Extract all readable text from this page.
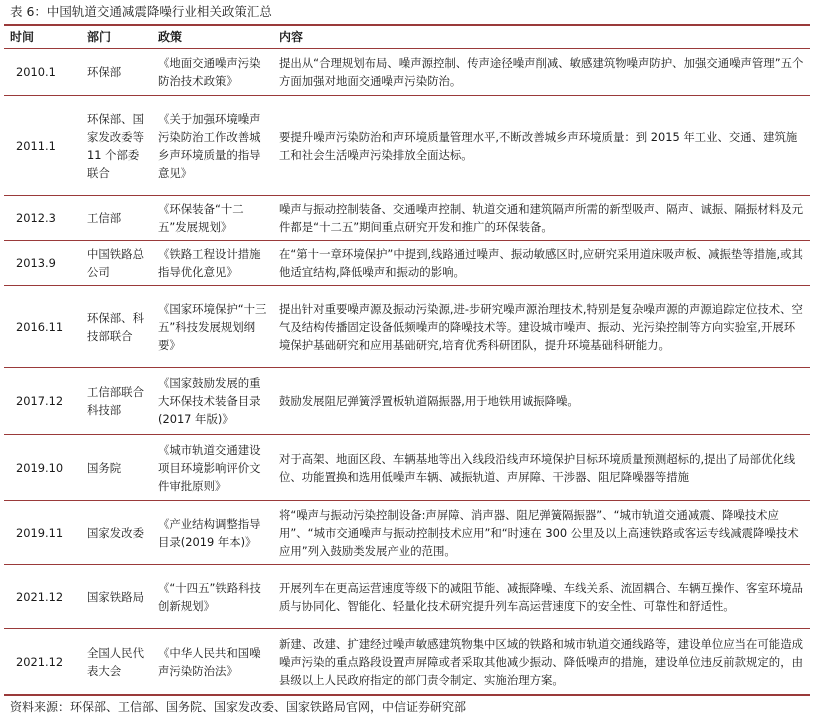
表 6：中国轨道交通减震降噪行业相关政策汇总
时间	部门	政策	内容
2010.1	环保部	《地面交通噪声污染防治技术政策》	提出从“合理规划布局、噪声源控制、传声途径噪声削减、敏感建筑物噪声防护、加强交通噪声管理”五个方面加强对地面交通噪声污染防治。
2011.1	环保部、国家发改委等 11 个部委联合	《关于加强环境噪声污染防治工作改善城乡声环境质量的指导意见》	要提升噪声污染防治和声环境质量管理水平,不断改善城乡声环境质量：到 2015 年工业、交通、建筑施工和社会生活噪声污染排放全面达标。
2012.3	工信部	《环保装备“十二五”发展规划》	噪声与振动控制装备、交通噪声控制、轨道交通和建筑隔声所需的新型吸声、隔声、诚振、隔振材料及元件都是“十二五”期间重点研究开发和推广的环保装备。
2013.9	中国铁路总公司	《铁路工程设计措施指导优化意见》	在“第十一章环境保护”中提到,线路通过噪声、振动敏感区时,应研究采用道床吸声板、减振垫等措施,或其他适宜结构,降低噪声和振动的影响。
2016.11	环保部、科技部联合	《国家环境保护“十三五”科技发展规划纲要》	提出针对重要噪声源及振动污染源,进-步研究噪声源治理技术,特别是复杂噪声源的声源追踪定位技术、空气及结构传播固定设备低频噪声的降噪技术等。建设城市噪声、振动、光污染控制等方向实验室,开展环境保护基础研究和应用基础研究,培育优秀科研团队，提升环境基础科研能力。
2017.12	工信部联合科技部	《国家鼓励发展的重大环保技术装备目录(2017 年版)》	鼓励发展阻尼弹簧浮置板轨道隔振器,用于地铁用诚振降噪。
2019.10	国务院	《城市轨道交通建设项目环境影响评价文件审批原则》	对于高架、地面区段、车辆基地等出入线段沿线声环境保护目标环境质量预测超标的,提出了局部优化线位、功能置换和选用低噪声车辆、减振轨道、声屏障、干涉器、阻尼降噪器等措施
2019.11	国家发改委	《产业结构调整指导目录(2019 年本)》	将“噪声与振动污染控制设备:声屏障、消声器、阻尼弹簧隔振器”、“城市轨道交通减震、降噪技术应用”、“城市交通噪声与振动控制技术应用”和“时速在 300 公里及以上高速铁路或客运专线减震降噪技术应用”列入鼓励类发展产业的范围。
2021.12	国家铁路局	《“十四五”铁路科技创新规划》	开展列车在更高运营速度等级下的减阻节能、减振降噪、车线关系、流固耦合、车辆互操作、客室环境品质与协同化、智能化、轻量化技术研究提升列车高运营速度下的安全性、可靠性和舒适性。
2021.12	全国人民代表大会	《中华人民共和国噪声污染防治法》	新建、改建、扩建经过噪声敏感建筑物集中区域的铁路和城市轨道交通线路等，建设单位应当在可能造成噪声污染的重点路段设置声屏障或者采取其他减少振动、降低噪声的措施，建设单位违反前款规定的，由县级以上人民政府指定的部门责令制定、实施治理方案。
资料来源：环保部、工信部、国务院、国家发改委、国家铁路局官网，中信证券研究部
